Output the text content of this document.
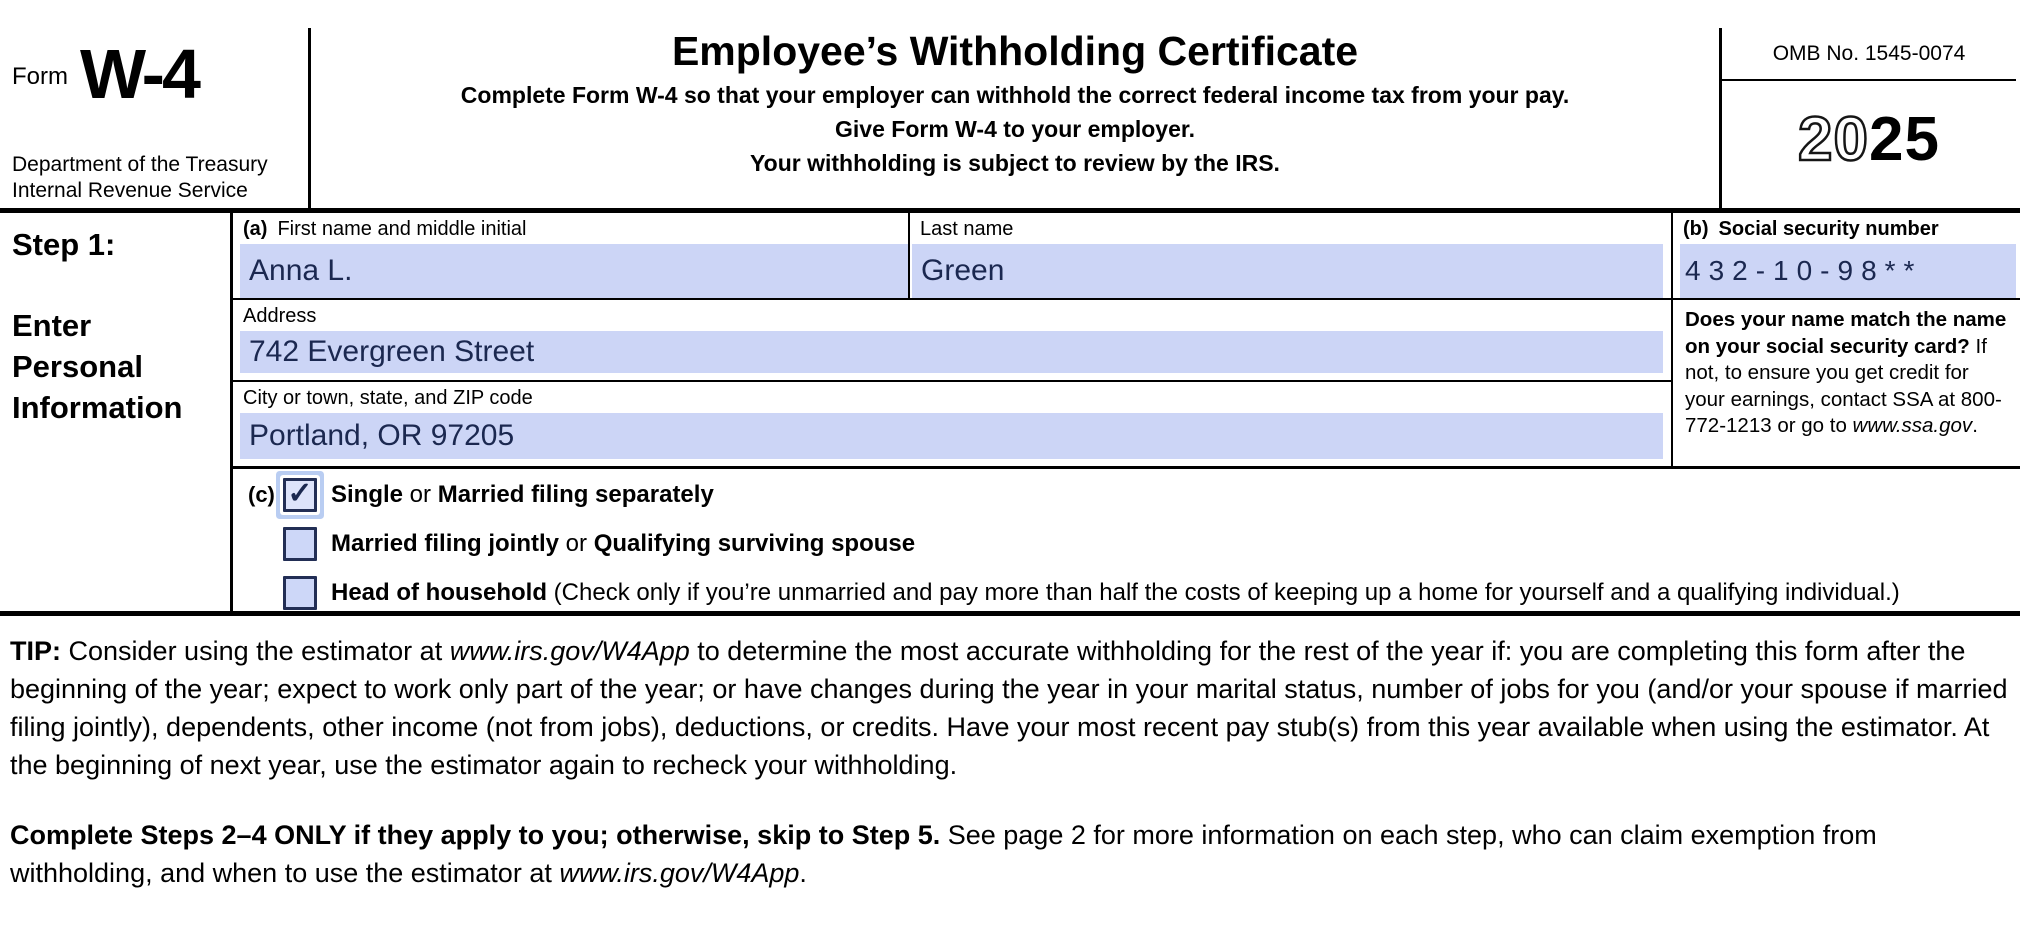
Form W-4
Department of the Treasury
Internal Revenue Service
Employee’s Withholding Certificate
Complete Form W-4 so that your employer can withhold the correct federal income tax from your pay.
Give Form W-4 to your employer.
Your withholding is subject to review by the IRS.
OMB No. 1545-0074
20 25
Step 1:
Enter Personal Information
(a) First name and middle initial
Anna L.
Last name
Green
(b) Social security number
432-10-98**
Address
742 Evergreen Street
City or town, state, and ZIP code
Portland, OR 97205
Does your name match the name on your social security card? If not, to ensure you get credit for your earnings, contact SSA at 800-772-1213 or go to www.ssa.gov.
(c) ✓ Single or Married filing separately
Married filing jointly or Qualifying surviving spouse
Head of household (Check only if you’re unmarried and pay more than half the costs of keeping up a home for yourself and a qualifying individual.)
TIP: Consider using the estimator at www.irs.gov/W4App to determine the most accurate withholding for the rest of the year if: you are completing this form after the beginning of the year; expect to work only part of the year; or have changes during the year in your marital status, number of jobs for you (and/or your spouse if married filing jointly), dependents, other income (not from jobs), deductions, or credits. Have your most recent pay stub(s) from this year available when using the estimator. At the beginning of next year, use the estimator again to recheck your withholding.
Complete Steps 2–4 ONLY if they apply to you; otherwise, skip to Step 5. See page 2 for more information on each step, who can claim exemption from withholding, and when to use the estimator at www.irs.gov/W4App.
